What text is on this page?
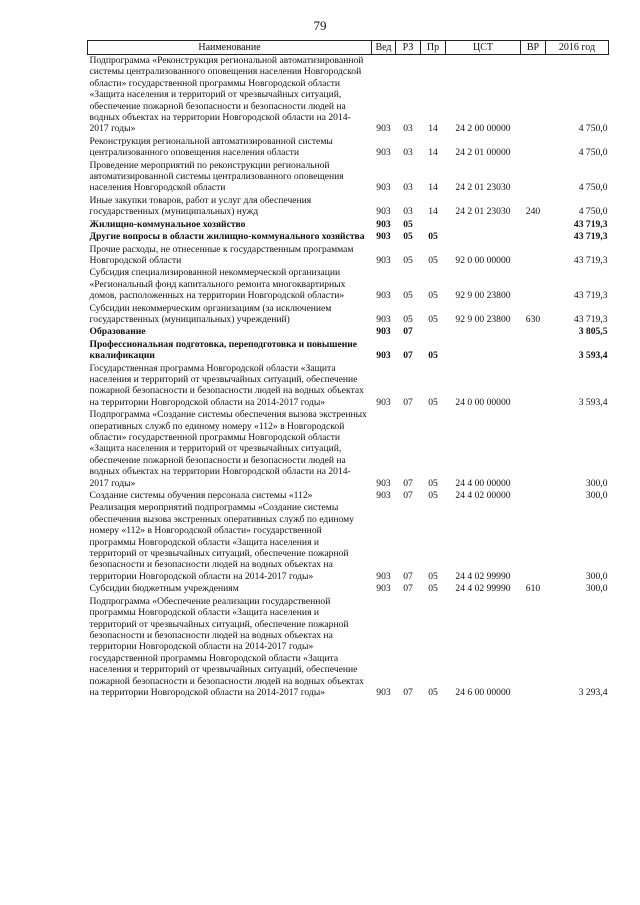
79
Наименование	Вед	РЗ	Пр	ЦСТ	ВР	2016 год
Подпрограмма «Реконструкция региональной автоматизированной системы централизованного оповещения населения Новгородской области» государственной программы Новгородской области «Защита населения и территорий от чрезвычайных ситуаций, обеспечение пожарной безопасности и безопасности людей на водных объектах на территории Новгородской области на 2014-2017 годы»	903	03	14	24 2 00 00000		4 750,0
Реконструкция региональной автоматизированной системы централизованного оповещения населения области	903	03	14	24 2 01 00000		4 750,0
Проведение мероприятий по реконструкции региональной автоматизированной системы централизованного оповещения населения Новгородской области	903	03	14	24 2 01 23030		4 750,0
Иные закупки товаров, работ и услуг для обеспечения государственных (муниципальных) нужд	903	03	14	24 2 01 23030	240	4 750,0
Жилищно-коммунальное хозяйство	903	05				43 719,3
Другие вопросы в области жилищно-коммунального хозяйства	903	05	05			43 719,3
Прочие расходы, не отнесенные к государственным программам Новгородской области	903	05	05	92 0 00 00000		43 719,3
Субсидия специализированной некоммерческой организации «Региональный фонд капитального ремонта многоквартирных домов, расположенных на территории Новгородской области»	903	05	05	92 9 00 23800		43 719,3
Субсидии некоммерческим организациям (за исключением государственных (муниципальных) учреждений)	903	05	05	92 9 00 23800	630	43 719,3
Образование	903	07				3 805,5
Профессиональная подготовка, переподготовка и повышение квалификации	903	07	05			3 593,4
Государственная программа Новгородской области «Защита населения и территорий от чрезвычайных ситуаций, обеспечение пожарной безопасности и безопасности людей на водных объектах на территории Новгородской области на 2014-2017 годы»	903	07	05	24 0 00 00000		3 593,4
Подпрограмма «Создание системы обеспечения вызова экстренных оперативных служб по единому номеру «112» в Новгородской области» государственной программы Новгородской области «Защита населения и территорий от чрезвычайных ситуаций, обеспечение пожарной безопасности и безопасности людей на водных объектах на территории Новгородской области на 2014-2017 годы»	903	07	05	24 4 00 00000		300,0
Создание системы обучения персонала системы «112»	903	07	05	24 4 02 00000		300,0
Реализация мероприятий подпрограммы «Создание системы обеспечения вызова экстренных оперативных служб по единому номеру «112» в Новгородской области» государственной программы Новгородской области «Защита населения и территорий от чрезвычайных ситуаций, обеспечение пожарной безопасности и безопасности людей на водных объектах на территории Новгородской области на 2014-2017 годы»	903	07	05	24 4 02 99990		300,0
Субсидии бюджетным учреждениям	903	07	05	24 4 02 99990	610	300,0
Подпрограмма «Обеспечение реализации государственной программы Новгородской области «Защита населения и территорий от чрезвычайных ситуаций, обеспечение пожарной безопасности и безопасности людей на водных объектах на территории Новгородской области на 2014-2017 годы» государственной программы Новгородской области «Защита населения и территорий от чрезвычайных ситуаций, обеспечение пожарной безопасности и безопасности людей на водных объектах на территории Новгородской области на 2014-2017 годы»	903	07	05	24 6 00 00000		3 293,4
